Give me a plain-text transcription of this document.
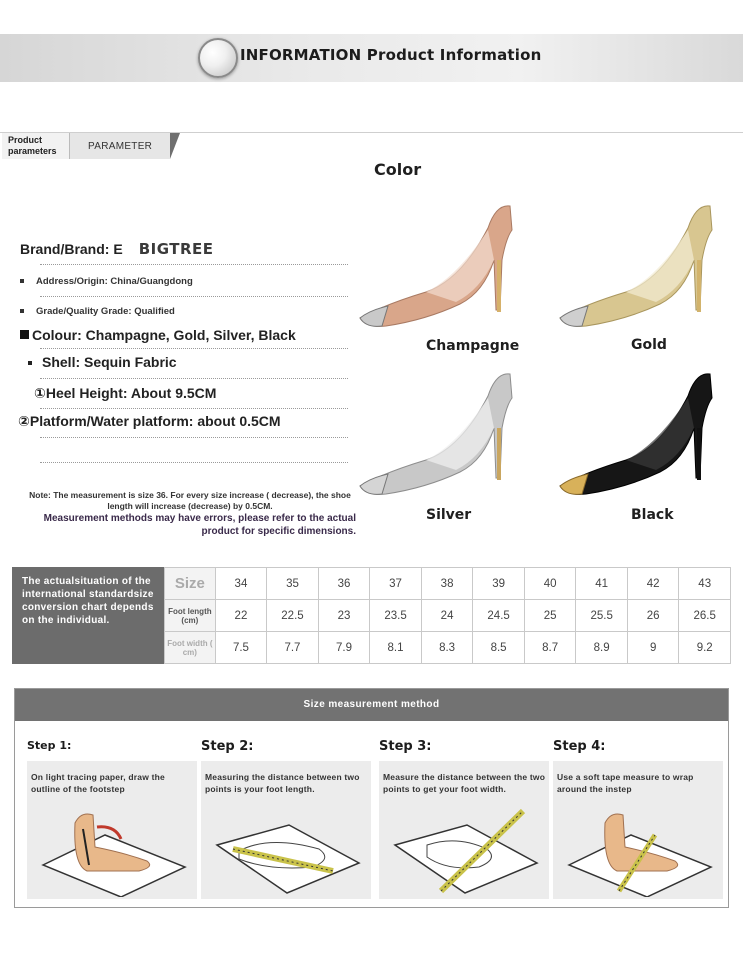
INFORMATION Product Information
Product parameters	PARAMETER
Brand/Brand: E BIGTREE
Address/Origin: China/Guangdong
Grade/Quality Grade: Qualified
Colour: Champagne, Gold, Silver, Black
Shell: Sequin Fabric
①Heel Height: About 9.5CM
②Platform/Water platform: about 0.5CM
Note: The measurement is size 36. For every size increase ( decrease), the shoe length will increase (decrease) by 0.5CM.
Measurement methods may have errors, please refer to the actual product for specific dimensions.
Color
Champagne	Gold
Silver	Black
The actualsituation of the international standardsize conversion chart depends on the individual.
Size	34	35	36	37	38	39	40	41	42	43
Foot length (cm)	22	22.5	23	23.5	24	24.5	25	25.5	26	26.5
Foot width ( cm)	7.5	7.7	7.9	8.1	8.3	8.5	8.7	8.9	9	9.2
Size measurement method
Step 1:
On light tracing paper, draw the outline of the footstep
Step 2:
Measuring the distance between two points is your foot length.
Step 3:
Measure the distance between the two points to get your foot width.
Step 4:
Use a soft tape measure to wrap around the instep
